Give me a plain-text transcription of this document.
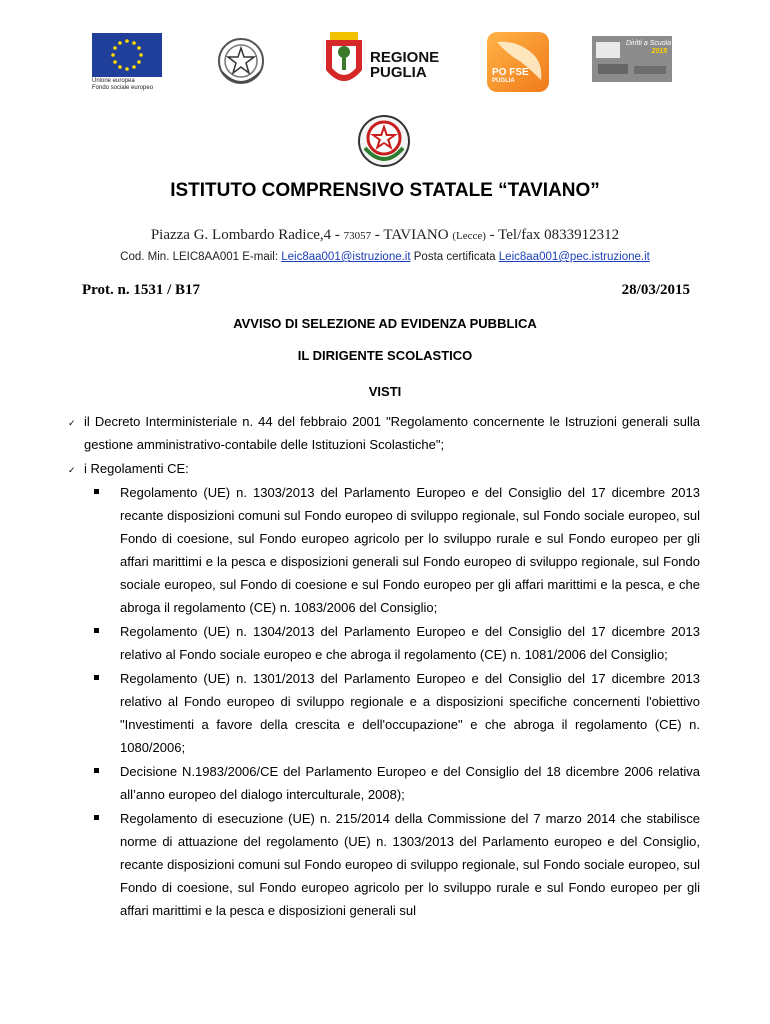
Unione europea
Fondo sociale europeo
REGIONE
PUGLIA	PO FSE
PUGLIA
Diritti a Scuola
2015
ISTITUTO COMPRENSIVO STATALE “TAVIANO”
Piazza G. Lombardo Radice,4 - 73057 - TAVIANO (Lecce) - Tel/fax 0833912312
Cod. Min. LEIC8AA001 E-mail: Leic8aa001@istruzione.it Posta certificata Leic8aa001@pec.istruzione.it
Prot. n. 1531 / B17	28/03/2015
AVVISO DI SELEZIONE AD EVIDENZA PUBBLICA
IL DIRIGENTE SCOLASTICO
VISTI
✓ il Decreto Interministeriale n. 44 del febbraio 2001 "Regolamento concernente le Istruzioni generali sulla gestione amministrativo-contabile delle Istituzioni Scolastiche";
✓ i Regolamenti CE:
Regolamento (UE) n. 1303/2013 del Parlamento Europeo e del Consiglio del 17 dicembre 2013 recante disposizioni comuni sul Fondo europeo di sviluppo regionale, sul Fondo sociale europeo, sul Fondo di coesione, sul Fondo europeo agricolo per lo sviluppo rurale e sul Fondo europeo per gli affari marittimi e la pesca e disposizioni generali sul Fondo europeo di sviluppo regionale, sul Fondo sociale europeo, sul Fondo di coesione e sul Fondo europeo per gli affari marittimi e la pesca, e che abroga il regolamento (CE) n. 1083/2006 del Consiglio;
Regolamento (UE) n. 1304/2013 del Parlamento Europeo e del Consiglio del 17 dicembre 2013 relativo al Fondo sociale europeo e che abroga il regolamento (CE) n. 1081/2006 del Consiglio;
Regolamento (UE) n. 1301/2013 del Parlamento Europeo e del Consiglio del 17 dicembre 2013 relativo al Fondo europeo di sviluppo regionale e a disposizioni specifiche concernenti l'obiettivo "Investimenti a favore della crescita e dell'occupazione" e che abroga il regolamento (CE) n. 1080/2006;
Decisione N.1983/2006/CE del Parlamento Europeo e del Consiglio del 18 dicembre 2006 relativa all’anno europeo del dialogo interculturale, 2008);
Regolamento di esecuzione (UE) n. 215/2014 della Commissione del 7 marzo 2014 che stabilisce norme di attuazione del regolamento (UE) n. 1303/2013 del Parlamento europeo e del Consiglio, recante disposizioni comuni sul Fondo europeo di sviluppo regionale, sul Fondo sociale europeo, sul Fondo di coesione, sul Fondo europeo agricolo per lo sviluppo rurale e sul Fondo europeo per gli affari marittimi e la pesca e disposizioni generali sul
